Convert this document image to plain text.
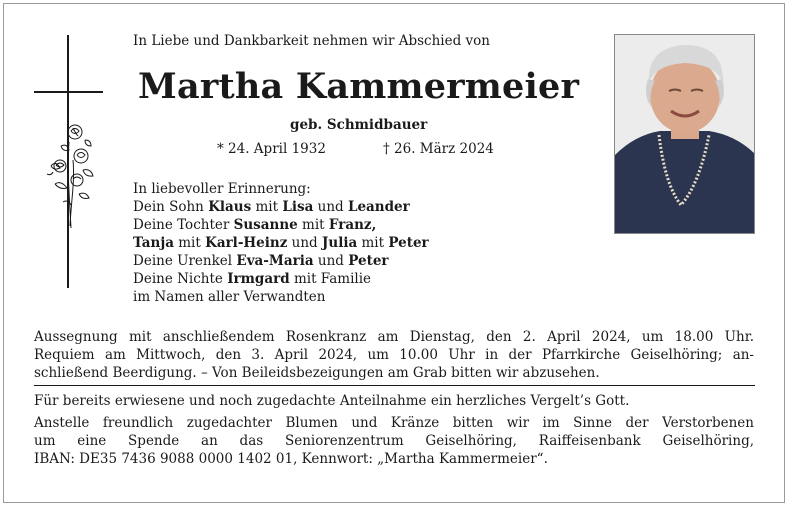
In Liebe und Dankbarkeit nehmen wir Abschied von
Martha Kammermeier
geb. Schmidbauer
* 24. April 1932	† 26. März 2024
In liebevoller Erinnerung:
Dein Sohn Klaus mit Lisa und Leander
Deine Tochter Susanne mit Franz,
Tanja mit Karl-Heinz und Julia mit Peter
Deine Urenkel Eva-Maria und Peter
Deine Nichte Irmgard mit Familie
im Namen aller Verwandten
Aussegnung mit anschließendem Rosenkranz am Dienstag, den 2. April 2024, um 18.00 Uhr.
Requiem am Mittwoch, den 3. April 2024, um 10.00 Uhr in der Pfarrkirche Geiselhöring; an-
schließend Beerdigung. – Von Beileidsbezeigungen am Grab bitten wir abzusehen.
Für bereits erwiesene und noch zugedachte Anteilnahme ein herzliches Vergelt’s Gott.
Anstelle freundlich zugedachter Blumen und Kränze bitten wir im Sinne der Verstorbenen
um eine Spende an das Seniorenzentrum Geiselhöring, Raiffeisenbank Geiselhöring,
IBAN: DE35 7436 9088 0000 1402 01, Kennwort: „Martha Kammermeier“.
